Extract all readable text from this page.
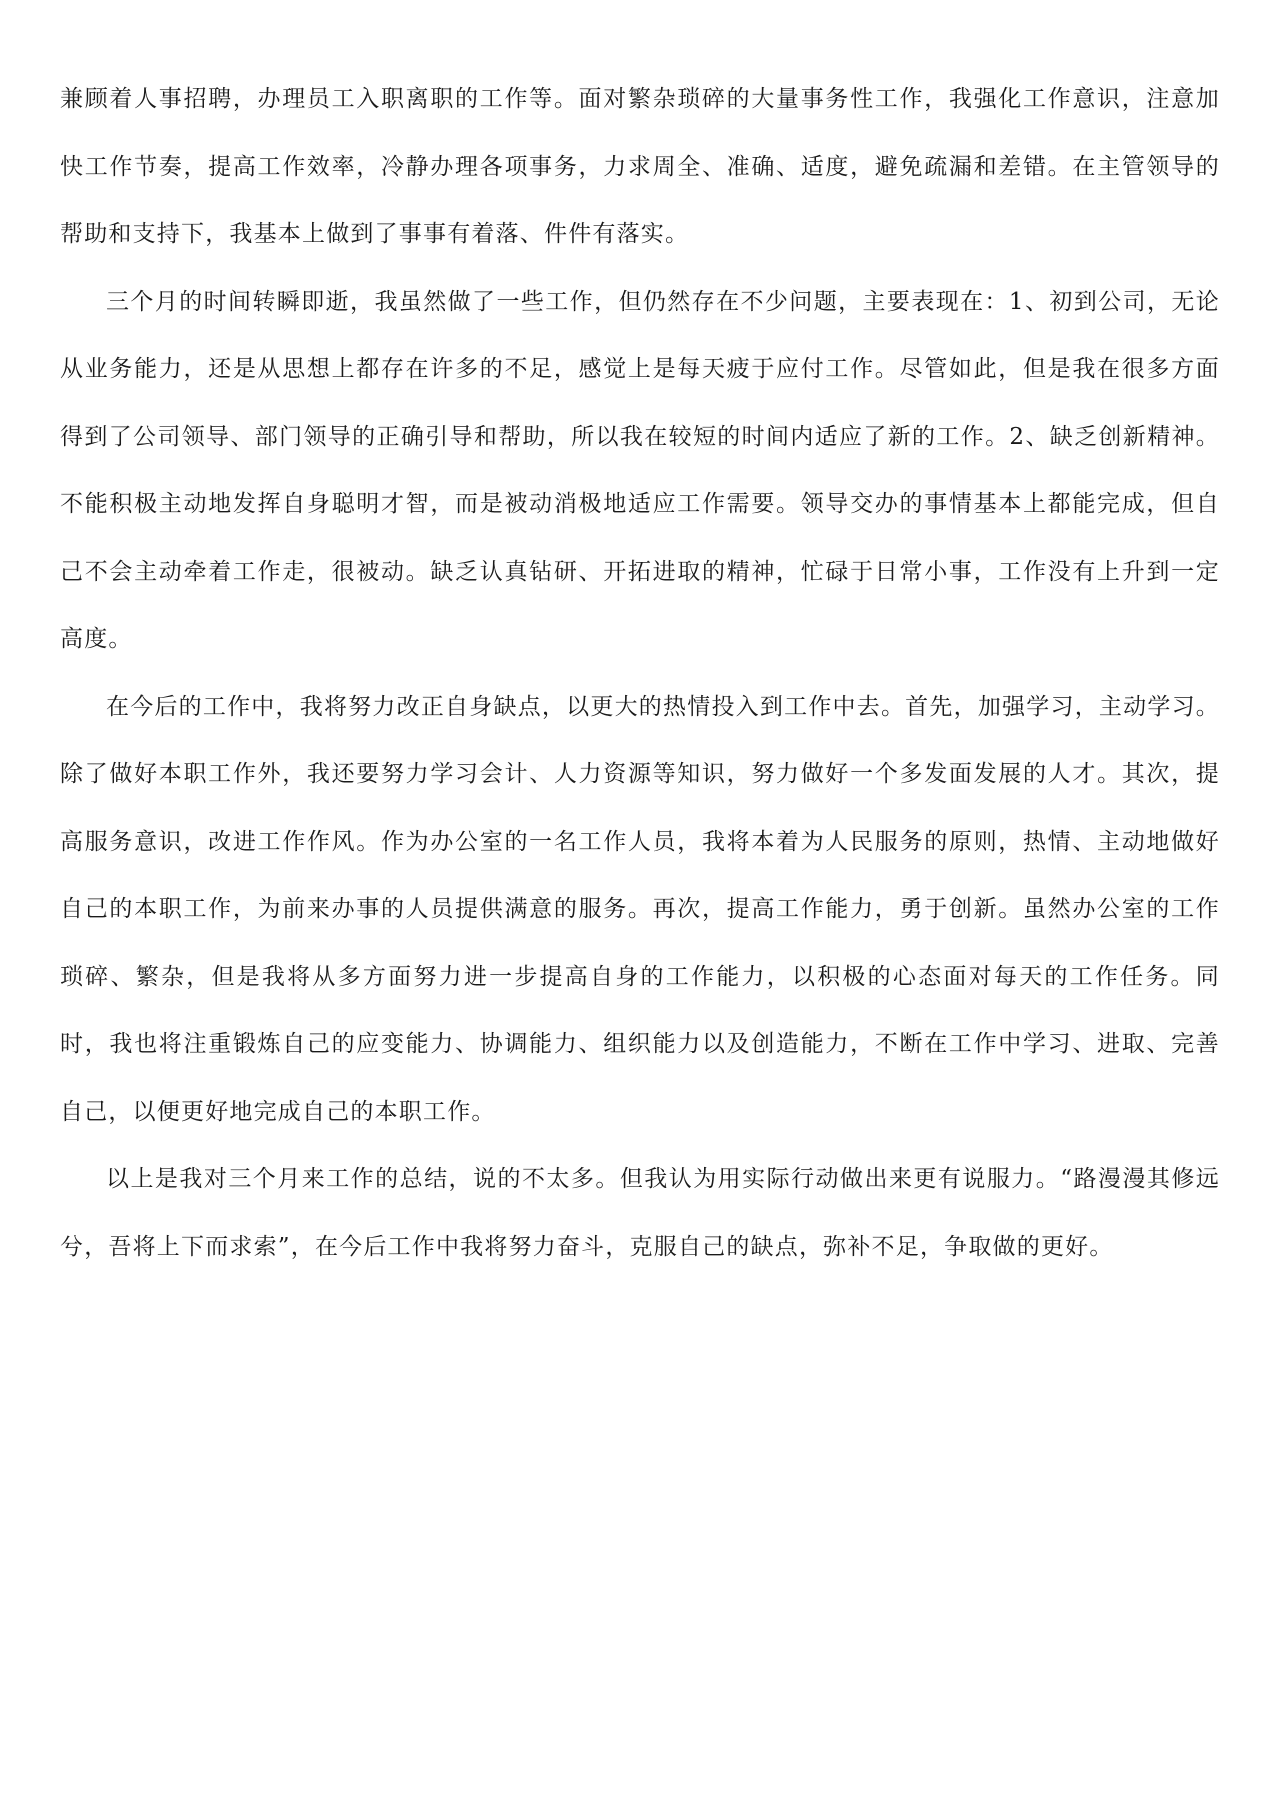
兼顾着人事招聘，办理员工入职离职的工作等。面对繁杂琐碎的大量事务性工作，我强化工作意识，注意加快工作节奏，提高工作效率，冷静办理各项事务，力求周全、准确、适度，避免疏漏和差错。在主管领导的帮助和支持下，我基本上做到了事事有着落、件件有落实。

三个月的时间转瞬即逝，我虽然做了一些工作，但仍然存在不少问题，主要表现在：1、初到公司，无论从业务能力，还是从思想上都存在许多的不足，感觉上是每天疲于应付工作。尽管如此，但是我在很多方面得到了公司领导、部门领导的正确引导和帮助，所以我在较短的时间内适应了新的工作。2、缺乏创新精神。不能积极主动地发挥自身聪明才智，而是被动消极地适应工作需要。领导交办的事情基本上都能完成，但自己不会主动牵着工作走，很被动。缺乏认真钻研、开拓进取的精神，忙碌于日常小事，工作没有上升到一定高度。

在今后的工作中，我将努力改正自身缺点，以更大的热情投入到工作中去。首先，加强学习，主动学习。除了做好本职工作外，我还要努力学习会计、人力资源等知识，努力做好一个多发面发展的人才。其次，提高服务意识，改进工作作风。作为办公室的一名工作人员，我将本着为人民服务的原则，热情、主动地做好自己的本职工作，为前来办事的人员提供满意的服务。再次，提高工作能力，勇于创新。虽然办公室的工作琐碎、繁杂，但是我将从多方面努力进一步提高自身的工作能力，以积极的心态面对每天的工作任务。同时，我也将注重锻炼自己的应变能力、协调能力、组织能力以及创造能力，不断在工作中学习、进取、完善自己，以便更好地完成自己的本职工作。

以上是我对三个月来工作的总结，说的不太多。但我认为用实际行动做出来更有说服力。“路漫漫其修远兮，吾将上下而求索”，在今后工作中我将努力奋斗，克服自己的缺点，弥补不足，争取做的更好。
